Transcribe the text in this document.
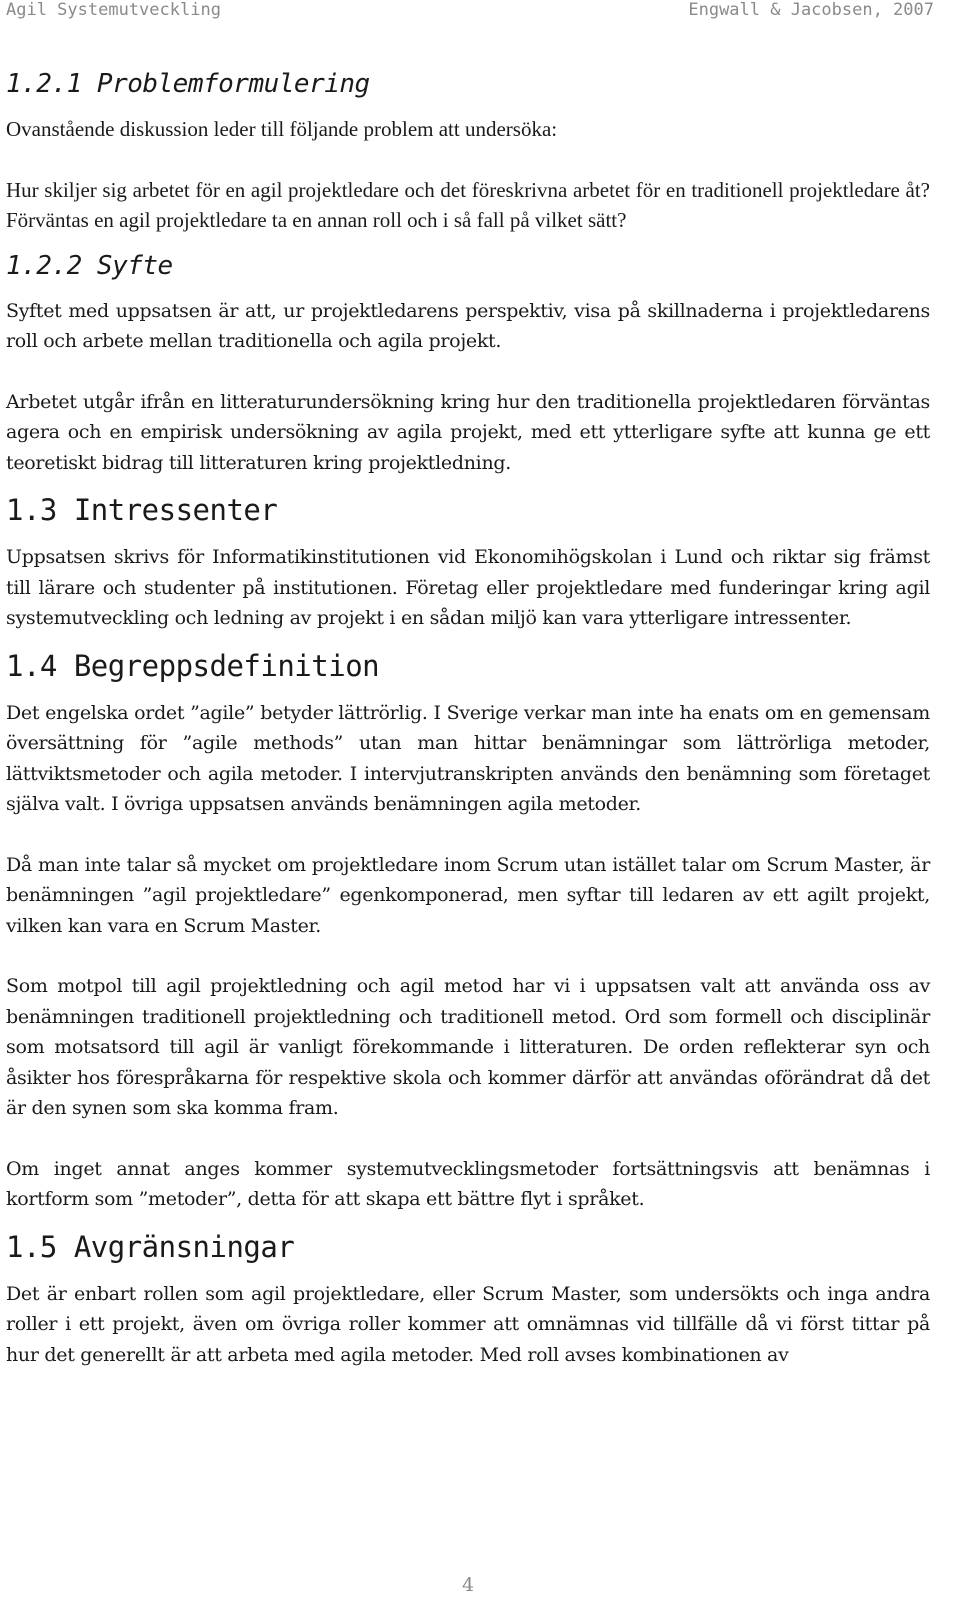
Agil Systemutveckling	Engwall & Jacobsen, 2007
1.2.1 Problemformulering

Ovanstående diskussion leder till följande problem att undersöka:

Hur skiljer sig arbetet för en agil projektledare och det föreskrivna arbetet för en traditionell projektledare åt? Förväntas en agil projektledare ta en annan roll och i så fall på vilket sätt?

1.2.2 Syfte

Syftet med uppsatsen är att, ur projektledarens perspektiv, visa på skillnaderna i projektledarens roll och arbete mellan traditionella och agila projekt.

Arbetet utgår ifrån en litteraturundersökning kring hur den traditionella projektledaren förväntas agera och en empirisk undersökning av agila projekt, med ett ytterligare syfte att kunna ge ett teoretiskt bidrag till litteraturen kring projektledning.

1.3 Intressenter

Uppsatsen skrivs för Informatikinstitutionen vid Ekonomihögskolan i Lund och riktar sig främst till lärare och studenter på institutionen. Företag eller projektledare med funderingar kring agil systemutveckling och ledning av projekt i en sådan miljö kan vara ytterligare intressenter.

1.4 Begreppsdefinition

Det engelska ordet ”agile” betyder lättrörlig. I Sverige verkar man inte ha enats om en gemensam översättning för ”agile methods” utan man hittar benämningar som lättrörliga metoder, lättviktsmetoder och agila metoder. I intervjutranskripten används den benämning som företaget själva valt. I övriga uppsatsen används benämningen agila metoder.

Då man inte talar så mycket om projektledare inom Scrum utan istället talar om Scrum Master, är benämningen ”agil projektledare” egenkomponerad, men syftar till ledaren av ett agilt projekt, vilken kan vara en Scrum Master.

Som motpol till agil projektledning och agil metod har vi i uppsatsen valt att använda oss av benämningen traditionell projektledning och traditionell metod. Ord som formell och disciplinär som motsatsord till agil är vanligt förekommande i litteraturen. De orden reflekterar syn och åsikter hos förespråkarna för respektive skola och kommer därför att användas oförändrat då det är den synen som ska komma fram.

Om inget annat anges kommer systemutvecklingsmetoder fortsättningsvis att benämnas i kortform som ”metoder”, detta för att skapa ett bättre flyt i språket.

1.5 Avgränsningar

Det är enbart rollen som agil projektledare, eller Scrum Master, som undersökts och inga andra roller i ett projekt, även om övriga roller kommer att omnämnas vid tillfälle då vi först tittar på hur det generellt är att arbeta med agila metoder. Med roll avses kombinationen av

4
